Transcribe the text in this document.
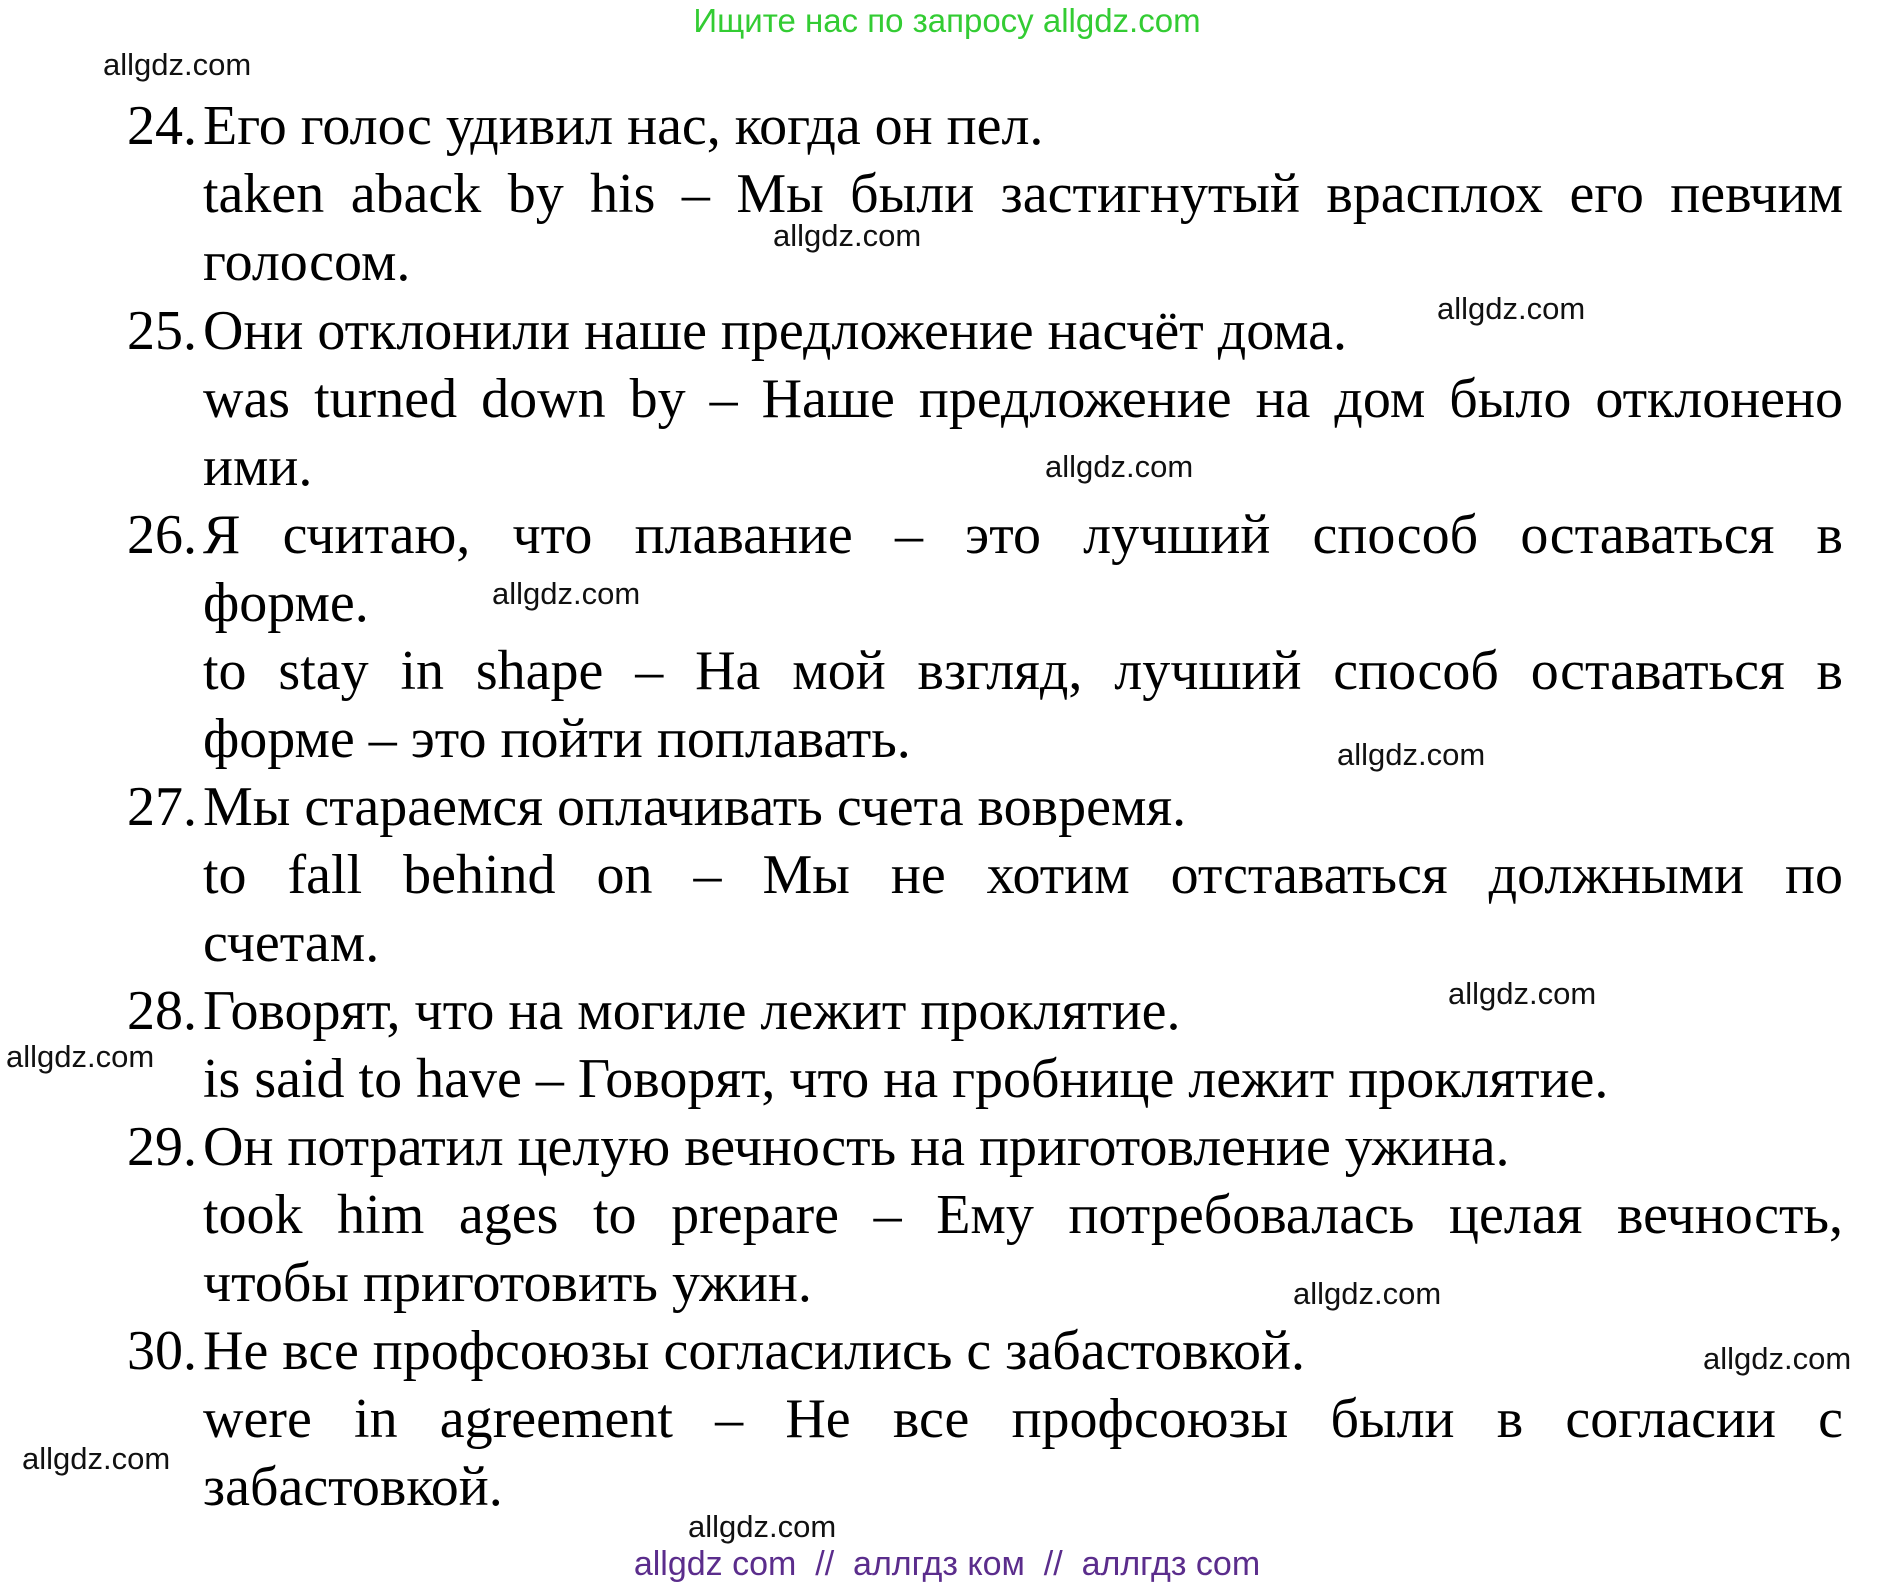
Ищите нас по запросу allgdz.com
allgdz.com
allgdz.com
allgdz.com
allgdz.com
allgdz.com
allgdz.com
allgdz.com
allgdz.com
allgdz.com
allgdz.com
allgdz.com
allgdz.com
24. Его голос удивил нас, когда он пел.
taken aback by his – Мы были застигнутый врасплох его певчим
голосом.
25. Они отклонили наше предложение насчёт дома.
was turned down by – Наше предложение на дом было отклонено
ими.
26. Я считаю, что плавание – это лучший способ оставаться в
форме.
to stay in shape – На мой взгляд, лучший способ оставаться в
форме – это пойти поплавать.
27. Мы стараемся оплачивать счета вовремя.
to fall behind on – Мы не хотим отставаться должными по
счетам.
28. Говорят, что на могиле лежит проклятие.
is said to have – Говорят, что на гробнице лежит проклятие.
29. Он потратил целую вечность на приготовление ужина.
took him ages to prepare – Ему потребовалась целая вечность,
чтобы приготовить ужин.
30. Не все профсоюзы согласились с забастовкой.
were in agreement – Не все профсоюзы были в согласии с
забастовкой.
allgdz com  //  аллгдз ком  //  аллгдз com
